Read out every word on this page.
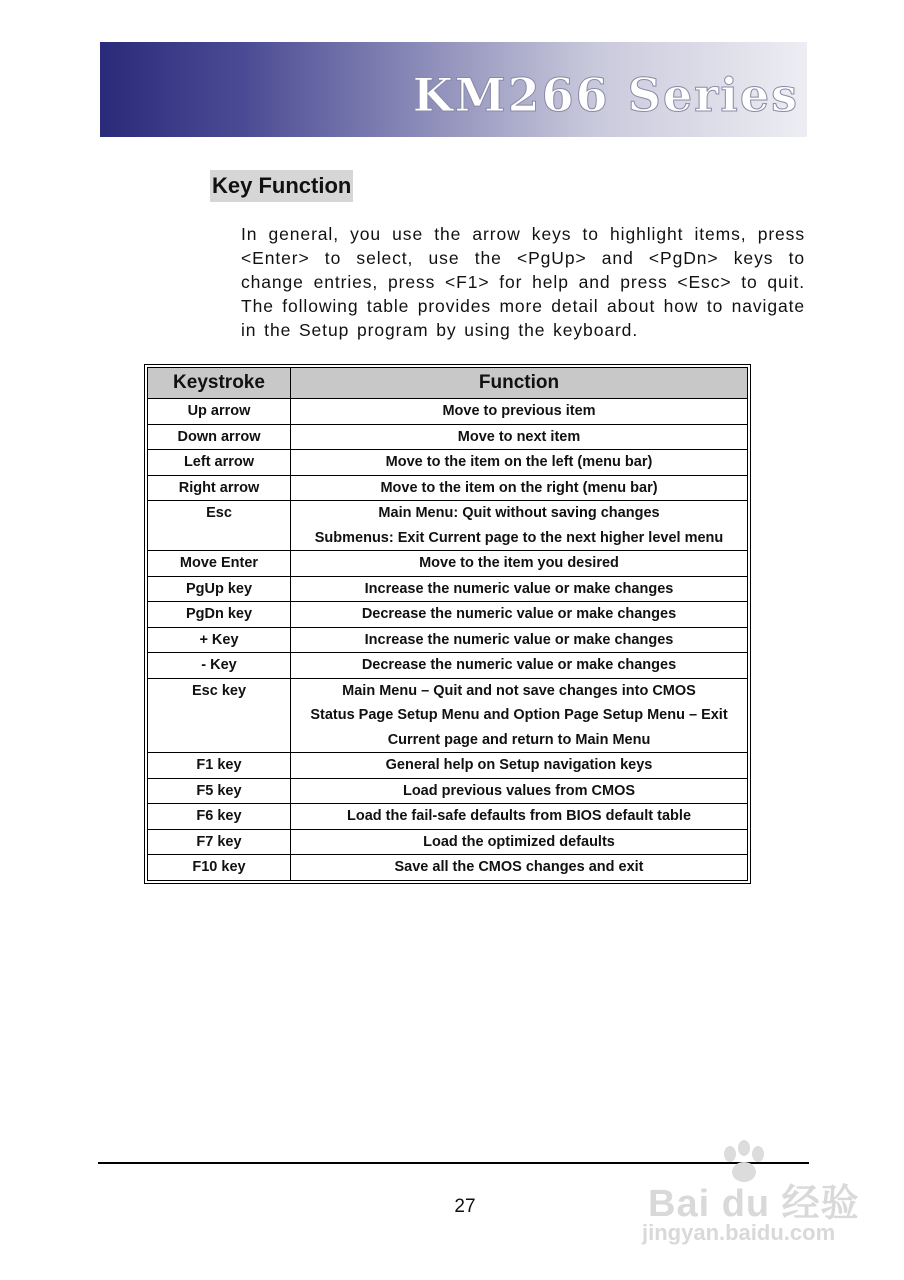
KM266 Series
Key Function
In general, you use the arrow keys to highlight items, press <Enter> to select, use the <PgUp> and <PgDn> keys to change entries, press <F1> for help and press <Esc> to quit. The following table provides more detail about how to navigate in the Setup program by using the keyboard.
Keystroke	Function
Up arrow	Move to previous item
Down arrow	Move to next item
Left arrow	Move to the item on the left (menu bar)
Right arrow	Move to the item on the right (menu bar)
Esc	Main Menu: Quit without saving changes
	Submenus: Exit Current page to the next higher level menu
Move Enter	Move to the item you desired
PgUp key	Increase the numeric value or make changes
PgDn key	Decrease the numeric value or make changes
+ Key	Increase the numeric value or make changes
- Key	Decrease the numeric value or make changes
Esc key	Main Menu – Quit and not save changes into CMOS
	Status Page Setup Menu and Option Page Setup Menu – Exit
	Current page and return to Main Menu
F1 key	General help on Setup navigation keys
F5 key	Load previous values from CMOS
F6 key	Load the fail-safe defaults from BIOS default table
F7 key	Load the optimized defaults
F10 key	Save all the CMOS changes and exit
27	Bai du 经验
jingyan.baidu.com
